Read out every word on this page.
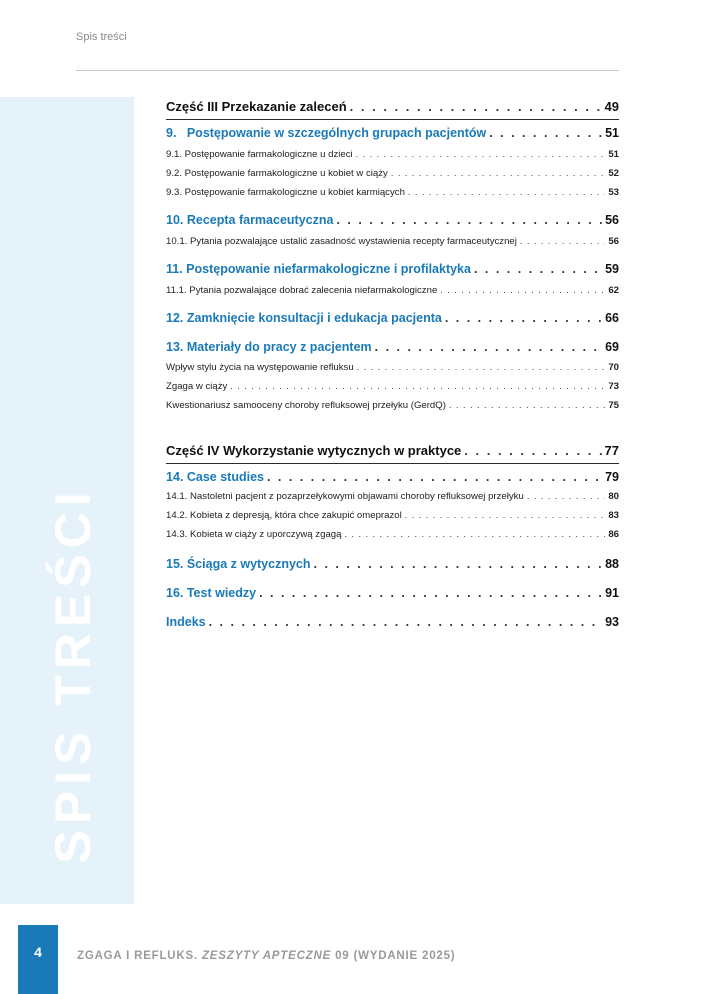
Spis treści
SPIS TREŚCI
Część III Przekazanie zaleceń . . .	49
9.   Postępowanie w szczególnych grupach pacjentów . . .	51
9.1. Postępowanie farmakologiczne u dzieci . . .	51
9.2. Postępowanie farmakologiczne u kobiet w ciąży . . .	52
9.3. Postępowanie farmakologiczne u kobiet karmiących . . .	53
10. Recepta farmaceutyczna . . .	56
10.1. Pytania pozwalające ustalić zasadność wystawienia recepty farmaceutycznej . . .	56
11. Postępowanie niefarmakologiczne i profilaktyka . . .	59
11.1. Pytania pozwalające dobrać zalecenia niefarmakologiczne . . .	62
12. Zamknięcie konsultacji i edukacja pacjenta . . .	66
13. Materiały do pracy z pacjentem . . .	69
Wpływ stylu życia na występowanie refluksu . . .	70
Zgaga w ciąży . . .	73
Kwestionariusz samooceny choroby refluksowej przełyku (GerdQ) . . .	75
Część IV Wykorzystanie wytycznych w praktyce . . .	77
14. Case studies . . .	79
14.1. Nastoletni pacjent z pozaprzełykowymi objawami choroby refluksowej przełyku . . .	80
14.2. Kobieta z depresją, która chce zakupić omeprazol . . .	83
14.3. Kobieta w ciąży z uporczywą zgagą . . .	86
15. Ściąga z wytycznych . . .	88
16. Test wiedzy . . .	91
Indeks . . .	93
4	ZGAGA I REFLUKS. ZESZYTY APTECZNE 09 (WYDANIE 2025)
